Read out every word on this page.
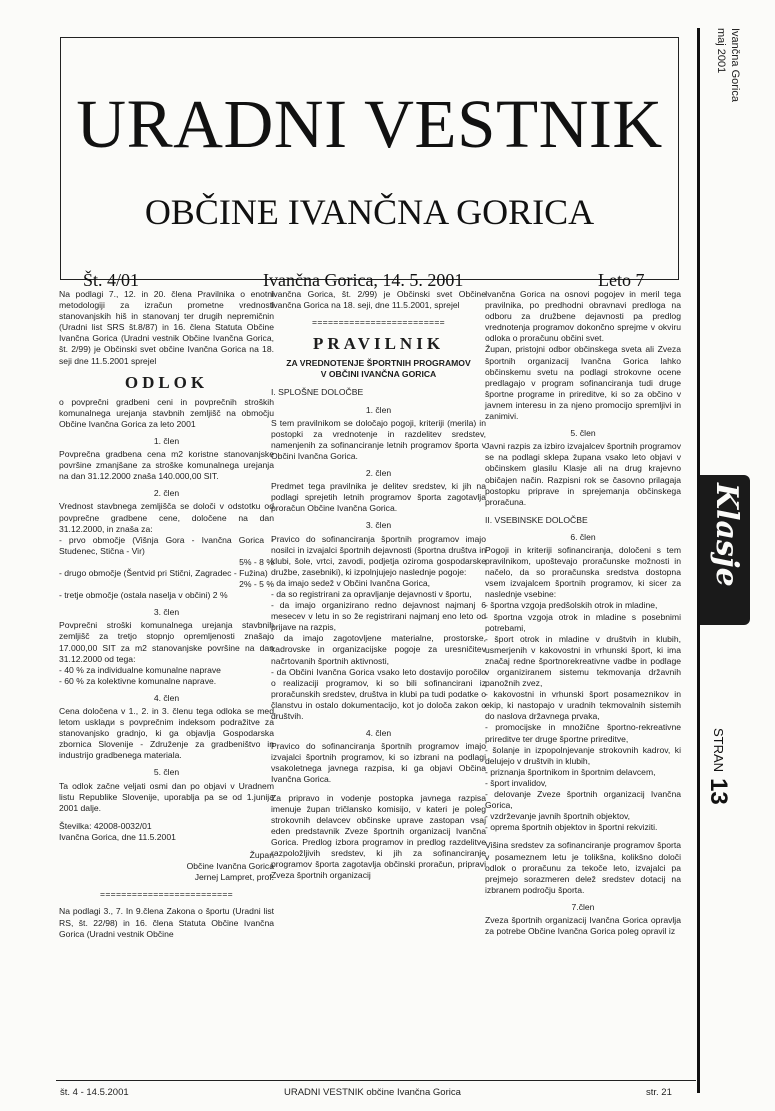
URADNI VESTNIK
OBČINE IVANČNA GORICA
Št. 4/01	Ivančna Gorica, 14. 5. 2001	Leto 7
Ivančna Gorica
maj 2001
Klasje
STRAN13

Na podlagi 7., 12. in 20. člena Pravilnika o enotni metodologiji za izračun prometne vrednosti stanovanjskih hiš in stanovanj ter drugih nepremičnin (Uradni list SRS št.8/87) in 16. člena Statuta Občine Ivančna Gorica (Uradni vestnik Občine Ivančna Gorica, št. 2/99) je Občinski svet občine Ivančna Gorica na 18. seji dne 11.5.2001 sprejel

ODLOK

o povprečni gradbeni ceni in povprečnih stroških komunalnega urejanja stavbnih zemljišč na območju Občine Ivančna Gorica za leto 2001

1. člen

Povprečna gradbena cena m2 koristne stanovanjske površine zmanjšane za stroške komunalnega urejanja na dan 31.12.2000 znaša 140.000,00 SIT.

2. člen

Vrednost stavbnega zemljišča se določi v odstotku od povprečne gradbene cene, določene na dan 31.12.2000, in znaša za:

- prvo območje (Višnja Gora - Ivančna Gorica - Studenec, Stična - Vir)

5% - 8 %

- drugo območje (Šentvid pri Stični, Zagradec - Fužina)

2% - 5 %

- tretje območje (ostala naselja v občini) 2 %

3. člen

Povprečni stroški komunalnega urejanja stavbnih zemljišč za tretjo stopnjo opremljenosti znašajo 17.000,00 SIT za m2 stanovanjske površine na dan 31.12.2000 od tega:

- 40 % za individualne komunalne naprave

- 60 % za kolektivne komunalne naprave.

4. člen

Cena določena v 1., 2. in 3. členu tega odloka se med letom usklади s povprečnim indeksom podražitve za stanovanjsko gradnjo, ki ga objavlja Gospodarska zbornica Slovenije - Združenje za gradbeništvo in industrijo gradbenega materiala.

5. člen

Ta odlok začne veljati osmi dan po objavi v Uradnem listu Republike Slovenije, uporablja pa se od 1.junija 2001 dalje.

Številka: 42008-0032/01

Ivančna Gorica, dne 11.5.2001

Župan

Občine Ivančna Gorica

Jernej Lampret, prof.

=========================

Na podlagi 3., 7. In 9.člena Zakona o športu (Uradni list RS, št. 22/98) in 16. člena Statuta Občine Ivančna Gorica (Uradni vestnik Občine

Ivančna Gorica, št. 2/99) je Občinski svet Občine Ivančna Gorica na 18. seji, dne 11.5.2001, sprejel

=========================
PRAVILNIK

ZA VREDNOTENJE ŠPORTNIH PROGRAMOV

V OBČINI IVANČNA GORICA

I. SPLOŠNE DOLOČBE

1. člen

S tem pravilnikom se določajo pogoji, kriteriji (merila) in postopki za vrednotenje in razdelitev sredstev, namenjenih za sofinanciranje letnih programov športa v Občini Ivančna Gorica.

2. člen

Predmet tega pravilnika je delitev sredstev, ki jih na podlagi sprejetih letnih programov športa zagotavlja proračun Občine Ivančna Gorica.

3. člen

Pravico do sofinanciranja športnih programov imajo nosilci in izvajalci športnih dejavnosti (športna društva in klubi, šole, vrtci, zavodi, podjetja oziroma gospodarske družbe, zasebniki), ki izpolnjujejo naslednje pogoje:

- da imajo sedež v Občini Ivančna Gorica,

- da so registrirani za opravljanje dejavnosti v športu,

- da imajo organizirano redno dejavnost najmanj 6 mesecev v letu in so že registrirani najmanj eno leto od prijave na razpis,

- da imajo zagotovljene materialne, prostorske, kadrovske in organizacijske pogoje za uresničitev načrtovanih športnih aktivnosti,

- da Občini Ivančna Gorica vsako leto dostavijo poročilo o realizaciji programov, ki so bili sofinancirani iz proračunskih sredstev, društva in klubi pa tudi podatke o članstvu in ostalo dokumentacijo, kot jo določa zakon o društvih.

4. člen

Pravico do sofinanciranja športnih programov imajo izvajalci športnih programov, ki so izbrani na podlagi vsakoletnega javnega razpisa, ki ga objavi Občina Ivančna Gorica.

Za pripravo in vodenje postopka javnega razpisa imenuje župan tričlansko komisijo, v kateri je poleg strokovnih delavcev občinske uprave zastopan vsaj eden predstavnik Zveze športnih organizacij Ivančna Gorica. Predlog izbora programov in predlog razdelitve razpoložljivih sredstev, ki jih za sofinanciranje programov športa zagotavlja občinski proračun, pripravi Zveza športnih organizacij

Ivančna Gorica na osnovi pogojev in meril tega pravilnika, po predhodni obravnavi predloga na odboru za družbene dejavnosti pa predlog vrednotenja programov dokončno sprejme v okviru odloka o proračunu občini svet.

Župan, pristojni odbor občinskega sveta ali Zveza športnih organizacij Ivančna Gorica lahko občinskemu svetu na podlagi strokovne ocene predlagajo v program sofinanciranja tudi druge športne programe in prireditve, ki so za občino v javnem interesu in za njeno promocijo spremljivi in zanimivi.

5. člen

Javni razpis za izbiro izvajalcev športnih programov se na podlagi sklepa župana vsako leto objavi v občinskem glasilu Klasje ali na drug krajevno običajen način. Razpisni rok se časovno prilagaja postopku priprave in sprejemanja občinskega proračuna.

II. VSEBINSKE DOLOČBE

6. člen

Pogoji in kriteriji sofinanciranja, določeni s tem pravilnikom, upoštevajo proračunske možnosti in načelo, da so proračunska sredstva dostopna vsem izvajalcem športnih programov, ki sicer za naslednje vsebine:

- športna vzgoja predšolskih otrok in mladine,

- športna vzgoja otrok in mladine s posebnimi potrebami,

- šport otrok in mladine v društvih in klubih, usmerjenih v kakovostni in vrhunski šport, ki ima značaj redne športnorekreativne vadbe in podlage v organiziranem sistemu tekmovanja državnih panožnih zvez,

- kakovostni in vrhunski šport posameznikov in ekip, ki nastopajo v uradnih tekmovalnih sistemih do naslova državnega prvaka,

- promocijske in množične športno-rekreativne prireditve ter druge športne prireditve,

- šolanje in izpopolnjevanje strokovnih kadrov, ki delujejo v društvih in klubih,

- priznanja športnikom in športnim delavcem,

- šport invalidov,

- delovanje Zveze športnih organizacij Ivančna Gorica,

- vzdrževanje javnih športnih objektov,

- oprema športnih objektov in športni rekviziti.

Višina sredstev za sofinanciranje programov športa v posameznem letu je tolikšna, kolikšno določi odlok o proračunu za tekoče leto, izvajalci pa prejmejo sorazmeren delež sredstev dotacij na izbranem področju športa.

7.člen

Zveza športnih organizacij Ivančna Gorica opravlja za potrebe Občine Ivančna Gorica poleg opravil iz

št. 4 - 14.5.2001	URADNI VESTNIK občine Ivančna Gorica	str. 21
